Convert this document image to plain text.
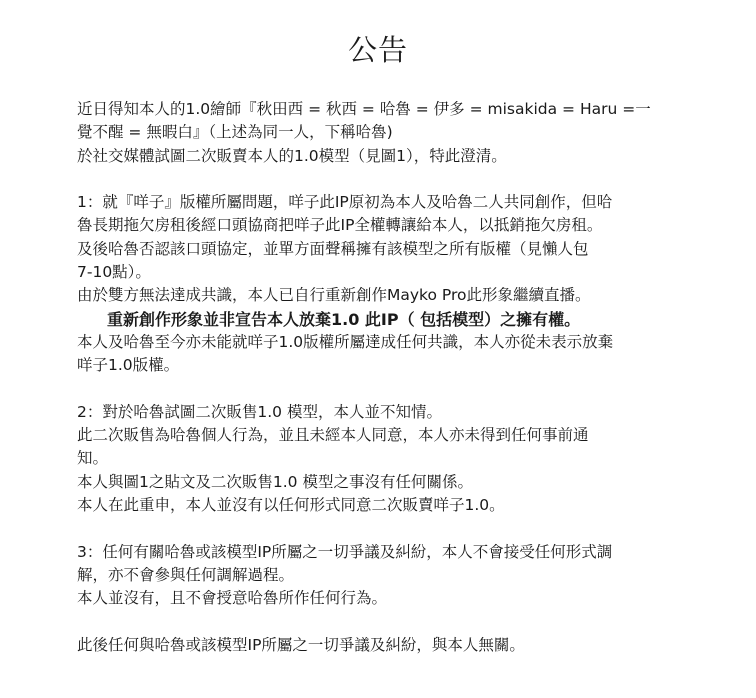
公告
近日得知本人的1.0繪師『秋田西 = 秋西 = 哈魯 = 伊多 = misakida = Haru =一
覺不醒 = 無暇白』（上述為同一人，下稱哈魯)
於社交媒體試圖二次販賣本人的1.0模型（見圖1），特此澄清。
1：就『咩子』版權所屬問題，咩子此IP原初為本人及哈魯二人共同創作，但哈
魯長期拖欠房租後經口頭協商把咩子此IP全權轉讓給本人，以抵銷拖欠房租。
及後哈魯否認該口頭協定，並單方面聲稱擁有該模型之所有版權（見懶人包
7-10點）。
由於雙方無法達成共識，本人已自行重新創作Mayko Pro此形象繼續直播。
重新創作形象並非宣告本人放棄1.0 此IP（ 包括模型）之擁有權。
本人及哈魯至今亦未能就咩子1.0版權所屬達成任何共識，本人亦從未表示放棄
咩子1.0版權。
2：對於哈魯試圖二次販售1.0 模型，本人並不知情。
此二次販售為哈魯個人行為，並且未經本人同意，本人亦未得到任何事前通
知。
本人與圖1之貼文及二次販售1.0 模型之事沒有任何關係。
本人在此重申，本人並沒有以任何形式同意二次販賣咩子1.0。
3：任何有關哈魯或該模型IP所屬之一切爭議及糾紛，本人不會接受任何形式調
解，亦不會參與任何調解過程。
本人並沒有，且不會授意哈魯所作任何行為。
此後任何與哈魯或該模型IP所屬之一切爭議及糾紛，與本人無關。
